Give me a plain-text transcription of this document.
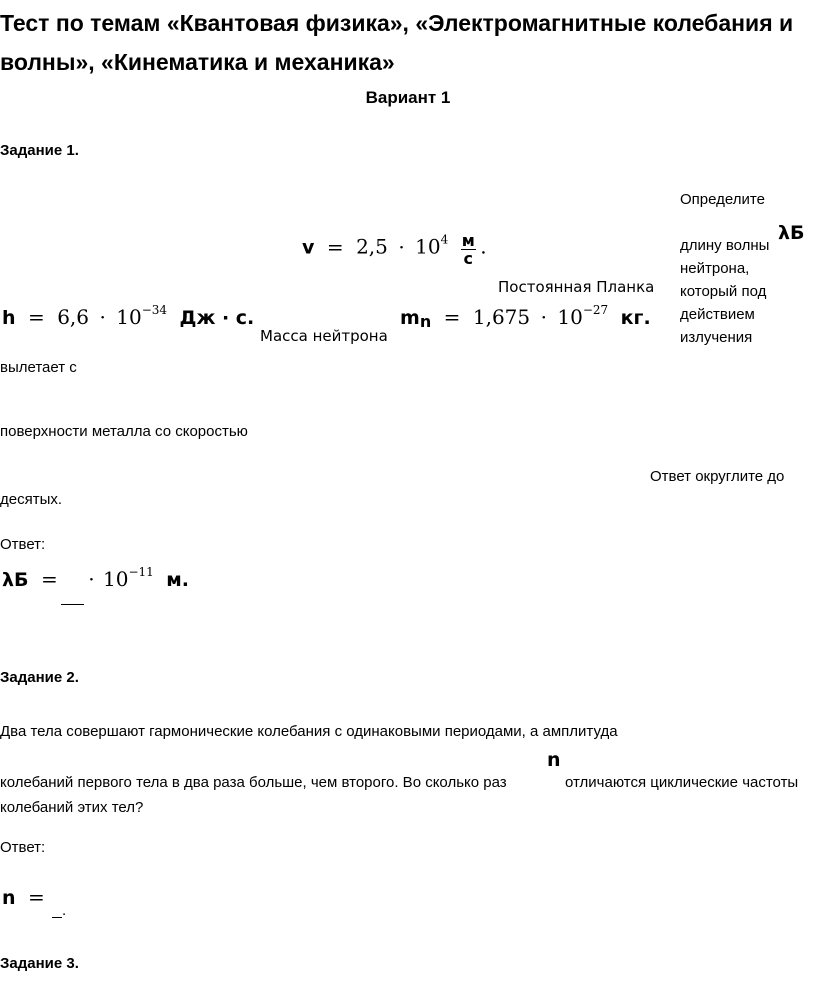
Тест по темам «Квантовая физика», «Электромагнитные колебания и волны», «Кинематика и механика»
Вариант 1
Задание 1.
Определите
длину волны
нейтрона,
который под
действием
излучения
λБ
$v = 2,5 \cdot 10^4 \frac{м}{с}$ .
Постоянная Планка
$h = 6,6 \cdot 10^{-34}$ Дж · с.
Масса нейтрона
mn = $1,675 \cdot 10^{-27}$ кг.
вылетает с
поверхности металла со скоростью
Ответ округлите до
десятых.
Ответ:
λБ = · $10^{-11}$ м.
Задание 2.
Два тела совершают гармонические колебания с одинаковыми периодами, а амплитуда
колебаний первого тела в два раза больше, чем второго. Во сколько раз
n
отличаются циклические частоты
колебаний этих тел?
Ответ:
n =
.
Задание 3.
